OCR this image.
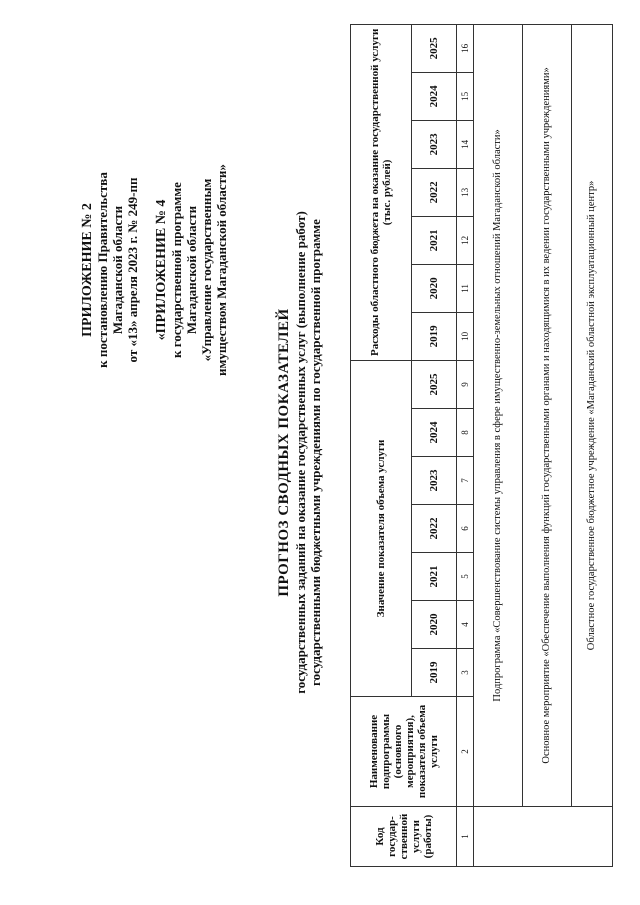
ПРИЛОЖЕНИЕ № 2 к постановлению Правительства Магаданской области от «13» апреля 2023 г. № 249-пп «ПРИЛОЖЕНИЕ № 4 к государственной программе Магаданской области «Управление государственным имуществом Магаданской области»

ПРОГНОЗ СВОДНЫХ ПОКАЗАТЕЛЕЙ государственных заданий на оказание государственных услуг (выполнение работ) государственными бюджетными учреждениями по государственной программе
Код государ-ственной услуги (работы)	Наименование подпрограммы (основного мероприятия), показателя объема услуги	Значение показателя объема услуги							Расходы областного бюджета на оказание государственной услуги (тыс. рублей)						
		2019	2020	2021	2022	2023	2024	2025	2019	2020	2021	2022	2023	2024	2025
1	2	3	4	5	6	7	8	9	10	11	12	13	14	15	16
	Подпрограмма «Совершенствование системы управления в сфере имущественно-земельных отношений Магаданской области»														
	Основное мероприятие «Обеспечение выполнения функций государственными органами и находящимися в их ведении государственными учреждениями»														
	Областное государственное бюджетное учреждение «Магаданский областной эксплуатационный центр»														
